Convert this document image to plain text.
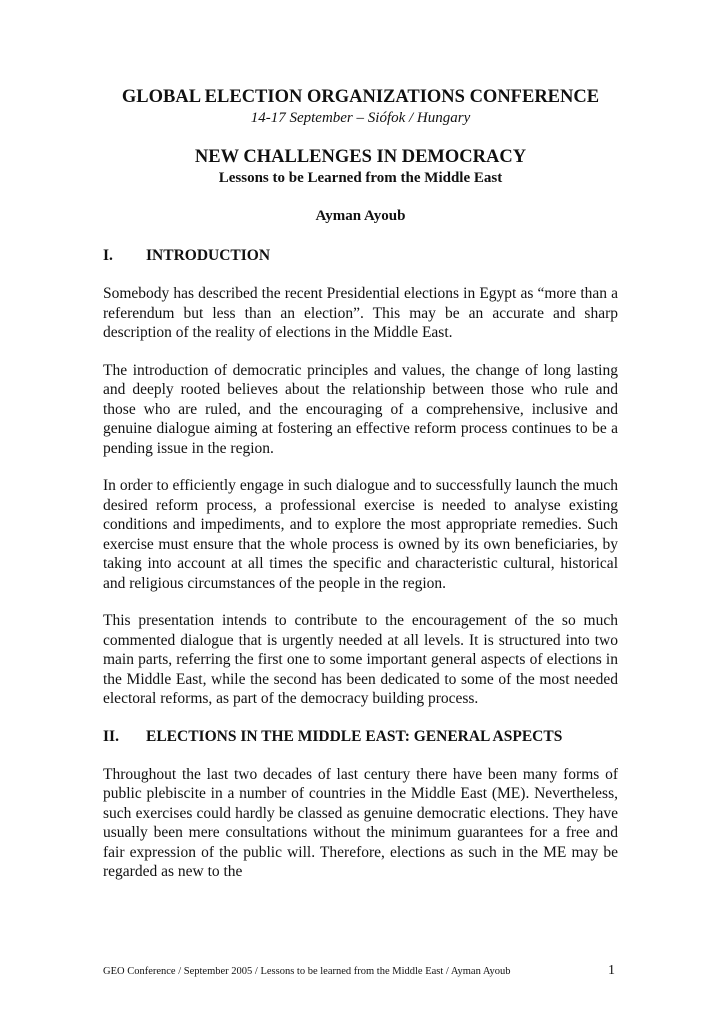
GLOBAL ELECTION ORGANIZATIONS CONFERENCE
14-17 September – Siófok / Hungary
NEW CHALLENGES IN DEMOCRACY
Lessons to be Learned from the Middle East
Ayman Ayoub
I.	INTRODUCTION

Somebody has described the recent Presidential elections in Egypt as “more than a referendum but less than an election”. This may be an accurate and sharp description of the reality of elections in the Middle East.

The introduction of democratic principles and values, the change of long lasting and deeply rooted believes about the relationship between those who rule and those who are ruled, and the encouraging of a comprehensive, inclusive and genuine dialogue aiming at fostering an effective reform process continues to be a pending issue in the region.

In order to efficiently engage in such dialogue and to successfully launch the much desired reform process, a professional exercise is needed to analyse existing conditions and impediments, and to explore the most appropriate remedies. Such exercise must ensure that the whole process is owned by its own beneficiaries, by taking into account at all times the specific and characteristic cultural, historical and religious circumstances of the people in the region.

This presentation intends to contribute to the encouragement of the so much commented dialogue that is urgently needed at all levels. It is structured into two main parts, referring the first one to some important general aspects of elections in the Middle East, while the second has been dedicated to some of the most needed electoral reforms, as part of the democracy building process.

II.	ELECTIONS IN THE MIDDLE EAST: GENERAL ASPECTS

Throughout the last two decades of last century there have been many forms of public plebiscite in a number of countries in the Middle East (ME). Nevertheless, such exercises could hardly be classed as genuine democratic elections. They have usually been mere consultations without the minimum guarantees for a free and fair expression of the public will. Therefore, elections as such in the ME may be regarded as new to the

GEO Conference / September 2005 / Lessons to be learned from the Middle East / Ayman Ayoub	1
